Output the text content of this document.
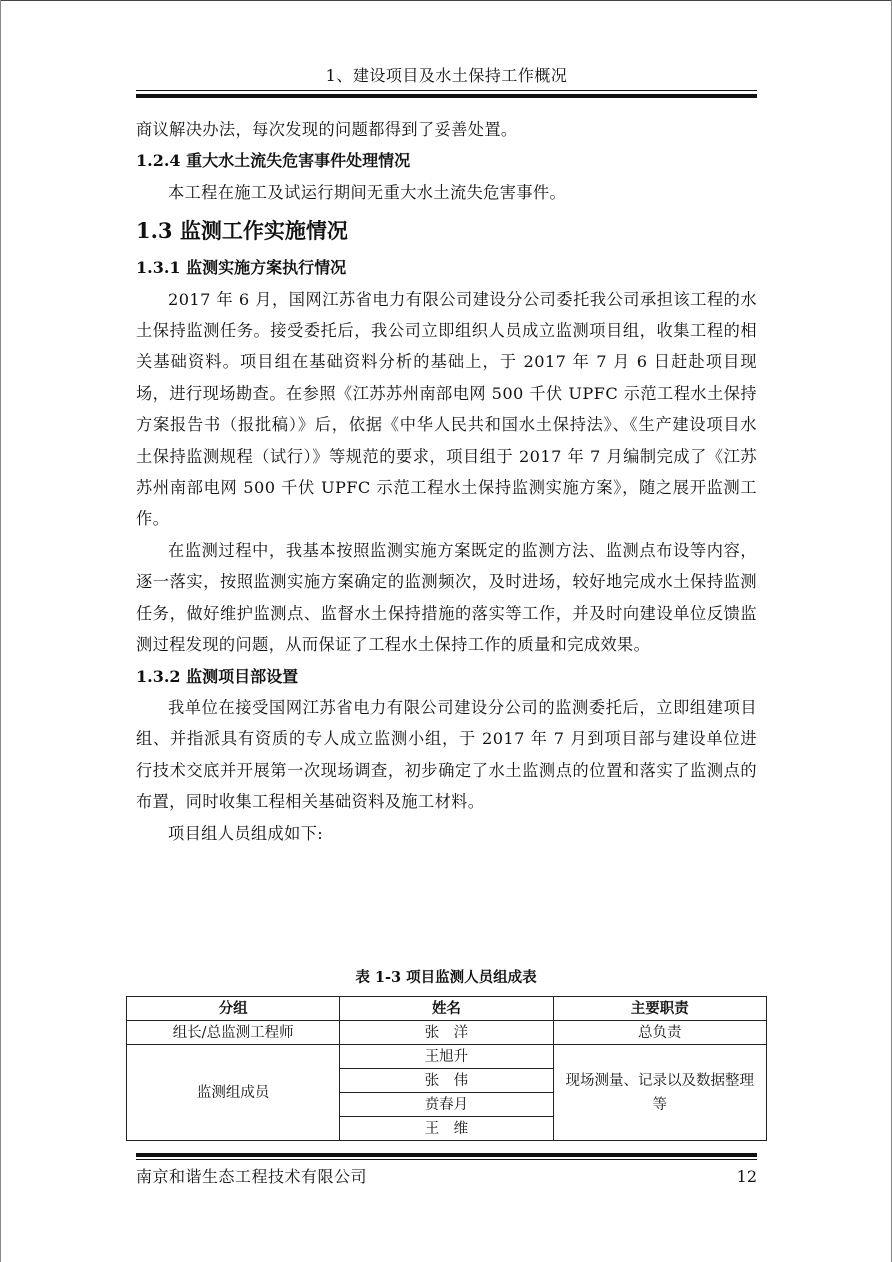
1、建设项目及水土保持工作概况

商议解决办法，每次发现的问题都得到了妥善处置。

1.2.4 重大水土流失危害事件处理情况

本工程在施工及试运行期间无重大水土流失危害事件。

1.3 监测工作实施情况

1.3.1 监测实施方案执行情况

2017 年 6 月，国网江苏省电力有限公司建设分公司委托我公司承担该工程的水土保持监测任务。接受委托后，我公司立即组织人员成立监测项目组，收集工程的相关基础资料。项目组在基础资料分析的基础上，于 2017 年 7 月 6 日赶赴项目现场，进行现场勘查。在参照《江苏苏州南部电网 500 千伏 UPFC 示范工程水土保持方案报告书（报批稿）》后，依据《中华人民共和国水土保持法》、《生产建设项目水土保持监测规程（试行）》等规范的要求，项目组于 2017 年 7 月编制完成了《江苏苏州南部电网 500 千伏 UPFC 示范工程水土保持监测实施方案》，随之展开监测工作。

在监测过程中，我基本按照监测实施方案既定的监测方法、监测点布设等内容，逐一落实，按照监测实施方案确定的监测频次，及时进场，较好地完成水土保持监测任务，做好维护监测点、监督水土保持措施的落实等工作，并及时向建设单位反馈监测过程发现的问题，从而保证了工程水土保持工作的质量和完成效果。

1.3.2 监测项目部设置

我单位在接受国网江苏省电力有限公司建设分公司的监测委托后，立即组建项目组、并指派具有资质的专人成立监测小组，于 2017 年 7 月到项目部与建设单位进行技术交底并开展第一次现场调查，初步确定了水土监测点的位置和落实了监测点的布置，同时收集工程相关基础资料及施工材料。

项目组人员组成如下:

表 1-3 项目监测人员组成表
分组	姓名	主要职责
组长/总监测工程师	张　洋	总负责
监测组成员	王旭升	现场测量、记录以及数据整理等
	张　伟	
	贲春月	
	王　维	
南京和谐生态工程技术有限公司	12
